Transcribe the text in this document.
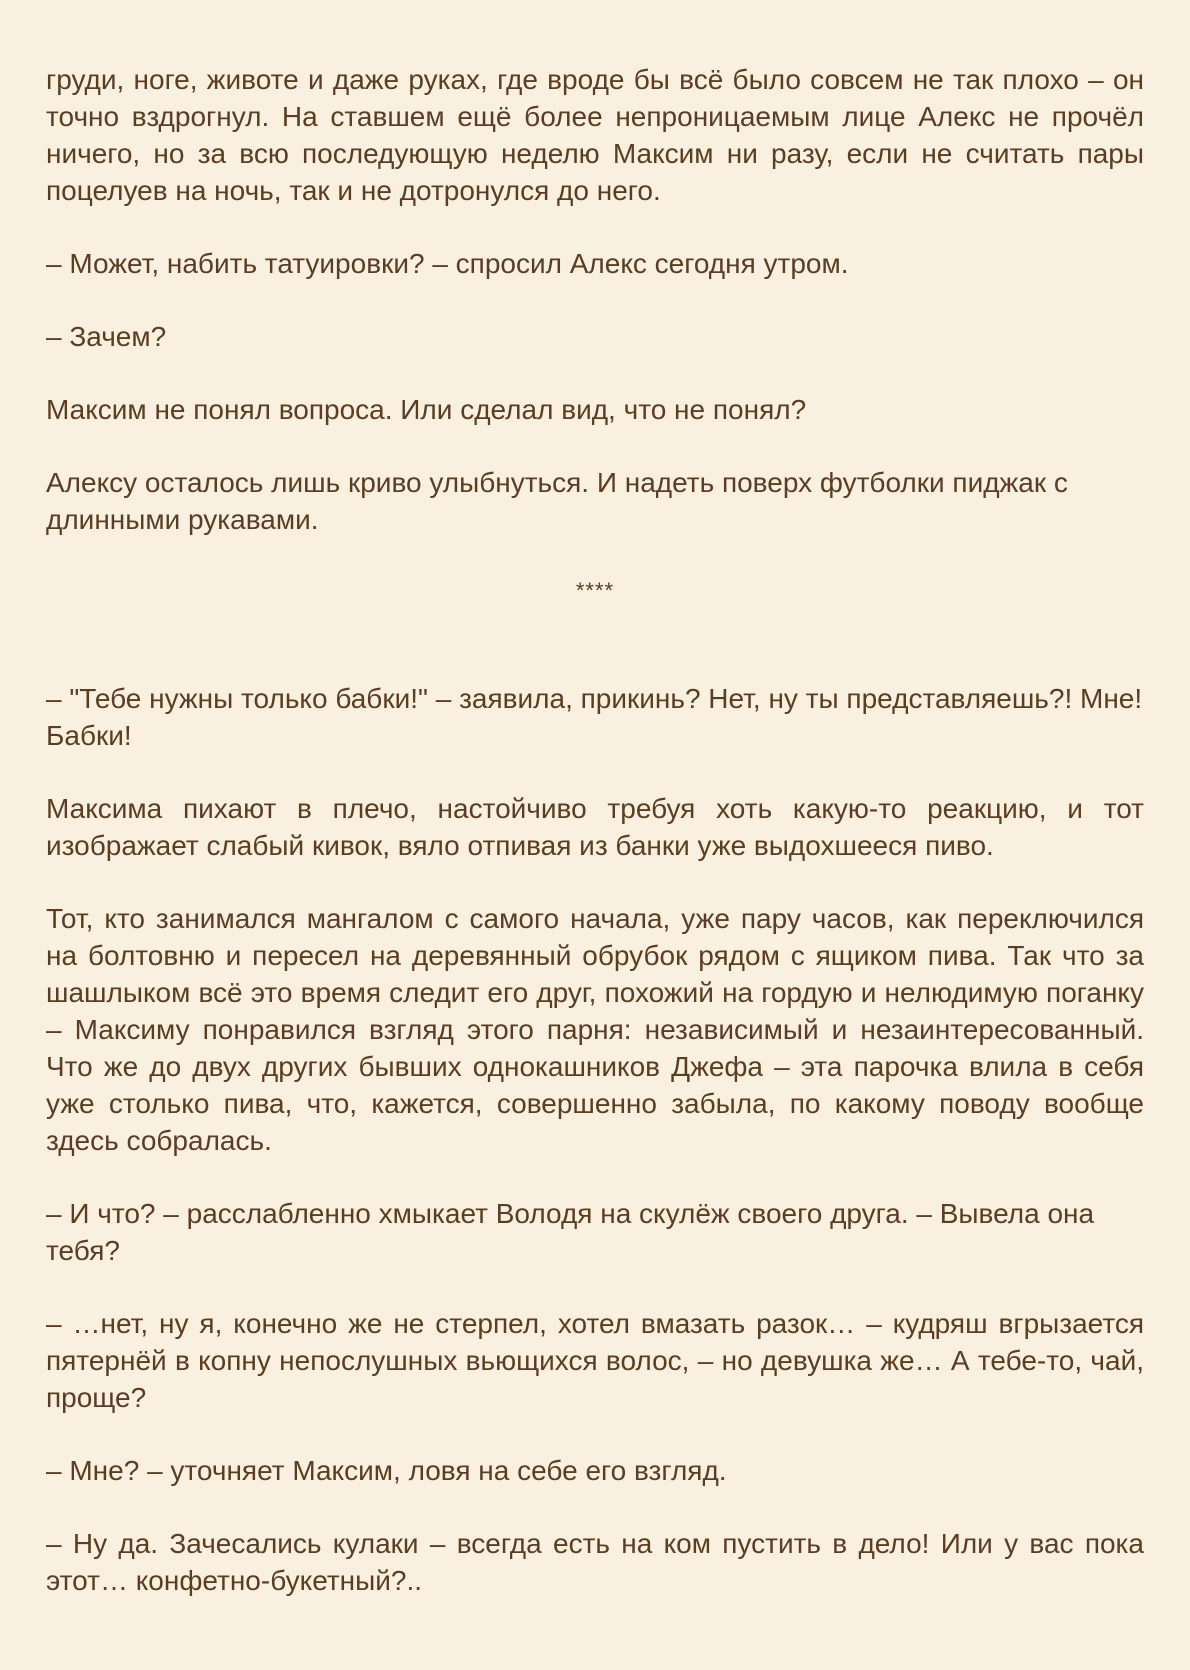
груди, ноге, животе и даже руках, где вроде бы всё было совсем не так плохо – он точно вздрогнул. На ставшем ещё более непроницаемым лице Алекс не прочёл ничего, но за всю последующую неделю Максим ни разу, если не считать пары поцелуев на ночь, так и не дотронулся до него.

– Может, набить татуировки? – спросил Алекс сегодня утром.

– Зачем?

Максим не понял вопроса. Или сделал вид, что не понял?

Алексу осталось лишь криво улыбнуться. И надеть поверх футболки пиджак с длинными рукавами.

****

– "Тебе нужны только бабки!" – заявила, прикинь? Нет, ну ты представляешь?! Мне! Бабки!

Максима пихают в плечо, настойчиво требуя хоть какую-то реакцию, и тот изображает слабый кивок, вяло отпивая из банки уже выдохшееся пиво.

Тот, кто занимался мангалом с самого начала, уже пару часов, как переключился на болтовню и пересел на деревянный обрубок рядом с ящиком пива. Так что за шашлыком всё это время следит его друг, похожий на гордую и нелюдимую поганку – Максиму понравился взгляд этого парня: независимый и незаинтересованный. Что же до двух других бывших однокашников Джефа – эта парочка влила в себя уже столько пива, что, кажется, совершенно забыла, по какому поводу вообще здесь собралась.

– И что? – расслабленно хмыкает Володя на скулёж своего друга. – Вывела она тебя?

– …нет, ну я, конечно же не стерпел, хотел вмазать разок… – кудряш вгрызается пятернёй в копну непослушных вьющихся волос, – но девушка же… А тебе-то, чай, проще?

– Мне? – уточняет Максим, ловя на себе его взгляд.

– Ну да. Зачесались кулаки – всегда есть на ком пустить в дело! Или у вас пока этот… конфетно-букетный?..
